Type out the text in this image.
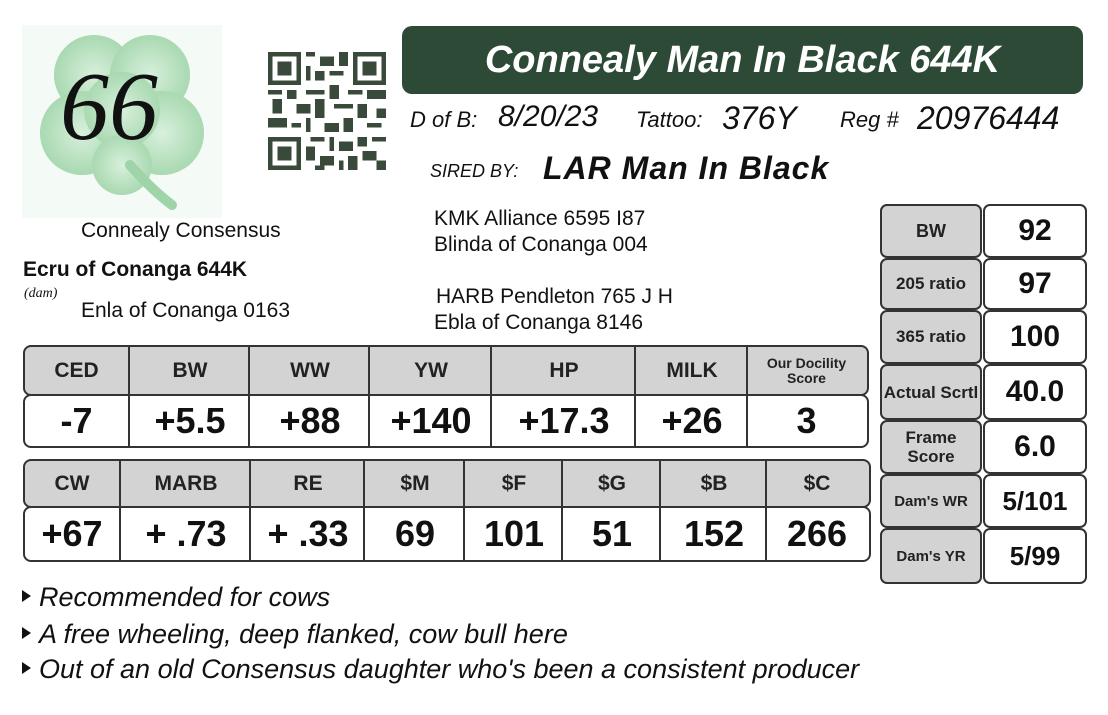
66	Connealy Man In Black 644K
D of B: 8/20/23 Tattoo: 376Y Reg # 20976444
SIRED BY: LAR Man In Black
Connealy Consensus
Ecru of Conanga 644K
(dam)
Enla of Conanga 0163
KMK Alliance 6595 I87
Blinda of Conanga 004
HARB Pendleton 765 J H
Ebla of Conanga 8146
CED	BW	WW	YW	HP	MILK	Our Docility Score
-7	+5.5	+88	+140	+17.3	+26	3
CW	MARB	RE	$M	$F	$G	$B	$C
+67	+ .73	+ .33	69	101	51	152	266
BW	92
205 ratio	97
365 ratio	100
Actual Scrtl 40.0
Frame Score	6.0
Dam's WR	5/101
Dam's YR	5/99
Recommended for cows
A free wheeling, deep flanked, cow bull here
Out of an old Consensus daughter who's been a consistent producer
